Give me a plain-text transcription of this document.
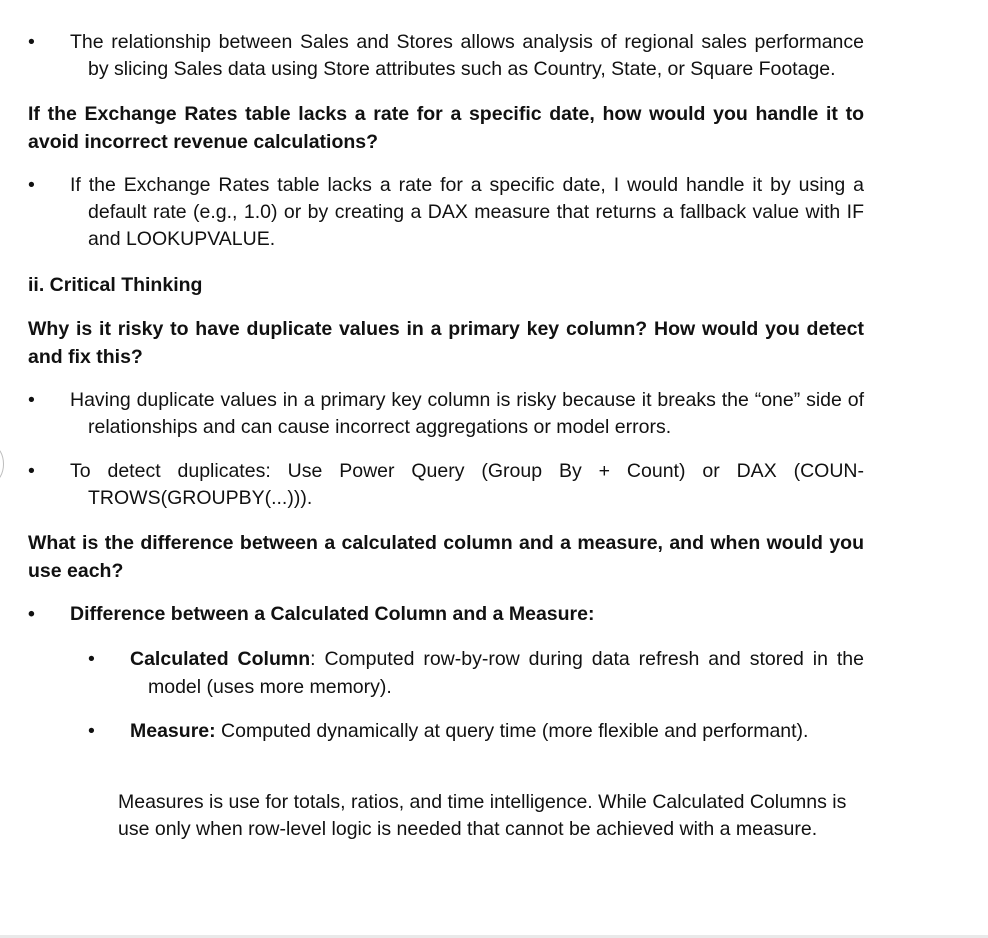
• The relationship between Sales and Stores allows analysis of regional sales performance by slicing Sales data using Store attributes such as Country, State, or Square Footage.
If the Exchange Rates table lacks a rate for a specific date, how would you handle it to avoid incorrect revenue calculations?
• If the Exchange Rates table lacks a rate for a specific date, I would handle it by using a default rate (e.g., 1.0) or by creating a DAX measure that returns a fallback value with IF and LOOKUPVALUE.
ii. Critical Thinking
Why is it risky to have duplicate values in a primary key column? How would you detect and fix this?
• Having duplicate values in a primary key column is risky because it breaks the “one” side of relationships and can cause incorrect aggregations or model errors.
• To detect duplicates: Use Power Query (Group By + Count) or DAX (COUN-
TROWS(GROUPBY(...))).
What is the difference between a calculated column and a measure, and when would you use each?
• Difference between a Calculated Column and a Measure:
• Calculated Column: Computed row-by-row during data refresh and stored in the model (uses more memory).
• Measure: Computed dynamically at query time (more flexible and performant).
Measures is use for totals, ratios, and time intelligence. While Calculated Columns is use only when row-level logic is needed that cannot be achieved with a measure.
